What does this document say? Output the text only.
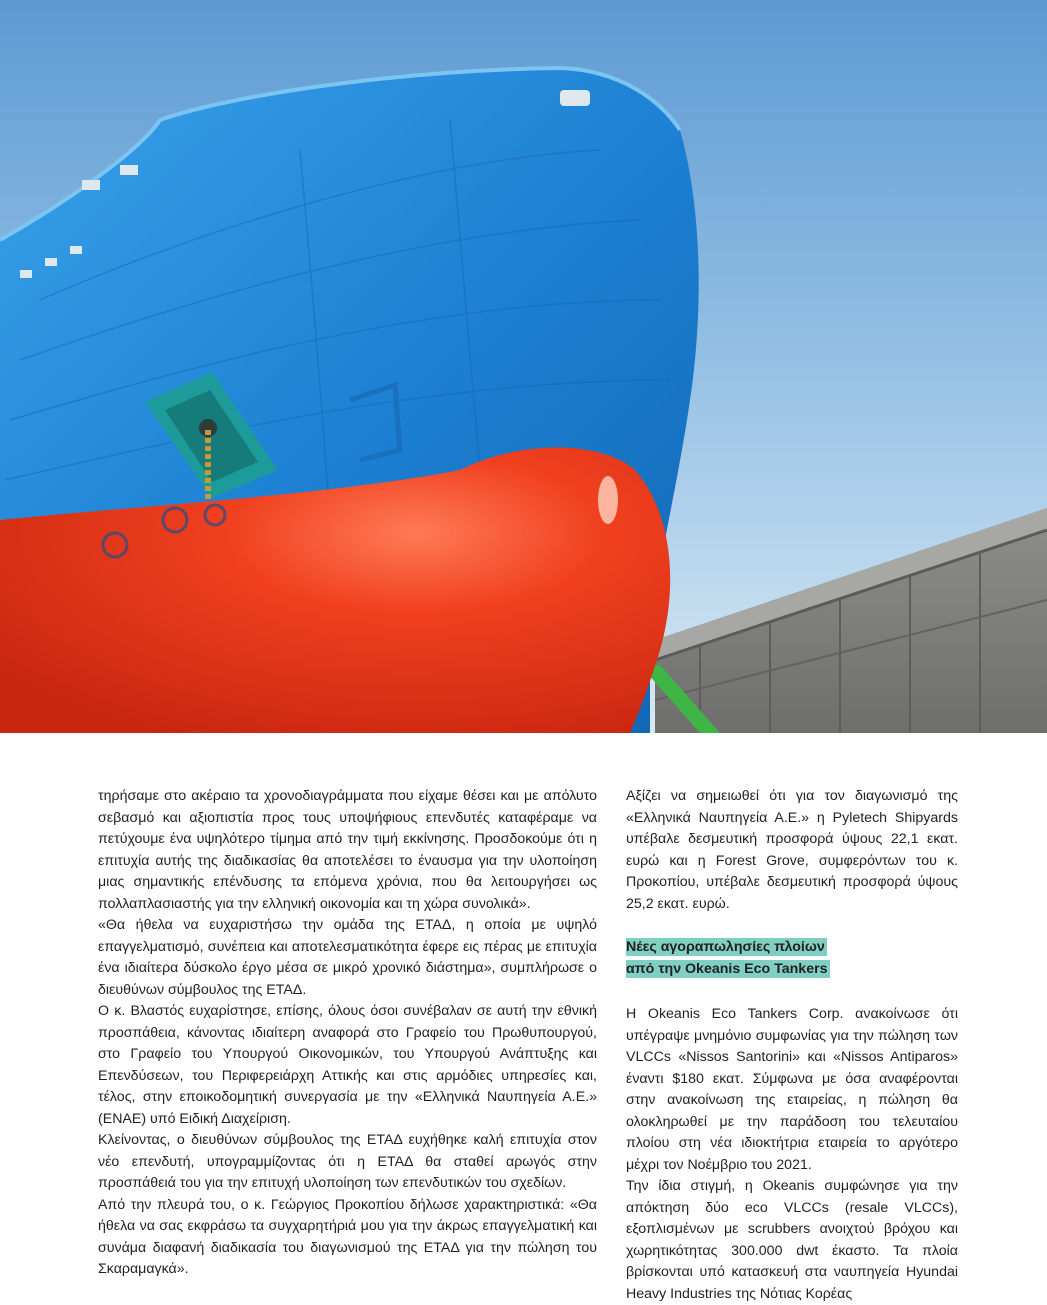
τηρήσαμε στο ακέραιο τα χρονοδιαγράμματα που είχαμε θέσει και με απόλυτο σεβασμό και αξιοπιστία προς τους υποψήφιους επενδυτές καταφέραμε να πετύχουμε ένα υψηλότερο τίμημα από την τιμή εκκίνησης. Προσδοκούμε ότι η επιτυχία αυτής της διαδικασίας θα αποτελέσει το έναυσμα για την υλοποίηση μιας σημαντικής επένδυσης τα επόμενα χρόνια, που θα λειτουργήσει ως πολλαπλασιαστής για την ελληνική οικονομία και τη χώρα συνολικά».

«Θα ήθελα να ευχαριστήσω την ομάδα της ΕΤΑΔ, η οποία με υψηλό επαγγελματισμό, συνέπεια και αποτελεσματικότητα έφερε εις πέρας με επιτυχία ένα ιδιαίτερα δύσκολο έργο μέσα σε μικρό χρονικό διάστημα», συμπλήρωσε ο διευθύνων σύμβουλος της ΕΤΑΔ.

Ο κ. Βλαστός ευχαρίστησε, επίσης, όλους όσοι συνέβαλαν σε αυτή την εθνική προσπάθεια, κάνοντας ιδιαίτερη αναφορά στο Γραφείο του Πρωθυπουργού, στο Γραφείο του Υπουργού Οικονομικών, του Υπουργού Ανάπτυξης και Επενδύσεων, του Περιφερειάρχη Αττικής και στις αρμόδιες υπηρεσίες και, τέλος, στην εποικοδομητική συνεργασία με την «Ελληνικά Ναυπηγεία Α.Ε.» (ΕΝΑΕ) υπό Ειδική Διαχείριση.

Κλείνοντας, ο διευθύνων σύμβουλος της ΕΤΑΔ ευχήθηκε καλή επιτυχία στον νέο επενδυτή, υπογραμμίζοντας ότι η ΕΤΑΔ θα σταθεί αρωγός στην προσπάθειά του για την επιτυχή υλοποίηση των επενδυτικών του σχεδίων.

Από την πλευρά του, ο κ. Γεώργιος Προκοπίου δήλωσε χαρακτηριστικά: «Θα ήθελα να σας εκφράσω τα συγχαρητήριά μου για την άκρως επαγγελματική και συνάμα διαφανή διαδικασία του διαγωνισμού της ΕΤΑΔ για την πώληση του Σκαραμαγκά».

Αξίζει να σημειωθεί ότι για τον διαγωνισμό της «Ελληνικά Ναυπηγεία Α.Ε.» η Pyletech Shipyards υπέβαλε δεσμευτική προσφορά ύψους 22,1 εκατ. ευρώ και η Forest Grove, συμφερόντων του κ. Προκοπίου, υπέβαλε δεσμευτική προσφορά ύψους 25,2 εκατ. ευρώ.

Νέες αγοραπωλησίες πλοίων
από την Okeanis Eco Tankers

Η Okeanis Eco Tankers Corp. ανακοίνωσε ότι υπέγραψε μνημόνιο συμφωνίας για την πώληση των VLCCs «Nissos Santorini» και «Nissos Antiparos» έναντι $180 εκατ. Σύμφωνα με όσα αναφέρονται στην ανακοίνωση της εταιρείας, η πώληση θα ολοκληρωθεί με την παράδοση του τελευταίου πλοίου στη νέα ιδιοκτήτρια εταιρεία το αργότερο μέχρι τον Νοέμβριο του 2021.

Την ίδια στιγμή, η Okeanis συμφώνησε για την απόκτηση δύο eco VLCCs (resale VLCCs), εξοπλισμένων με scrubbers ανοιχτού βρόχου και χωρητικότητας 300.000 dwt έκαστο. Τα πλοία βρίσκονται υπό κατασκευή στα ναυπηγεία Hyundai Heavy Industries της Νότιας Κορέας
